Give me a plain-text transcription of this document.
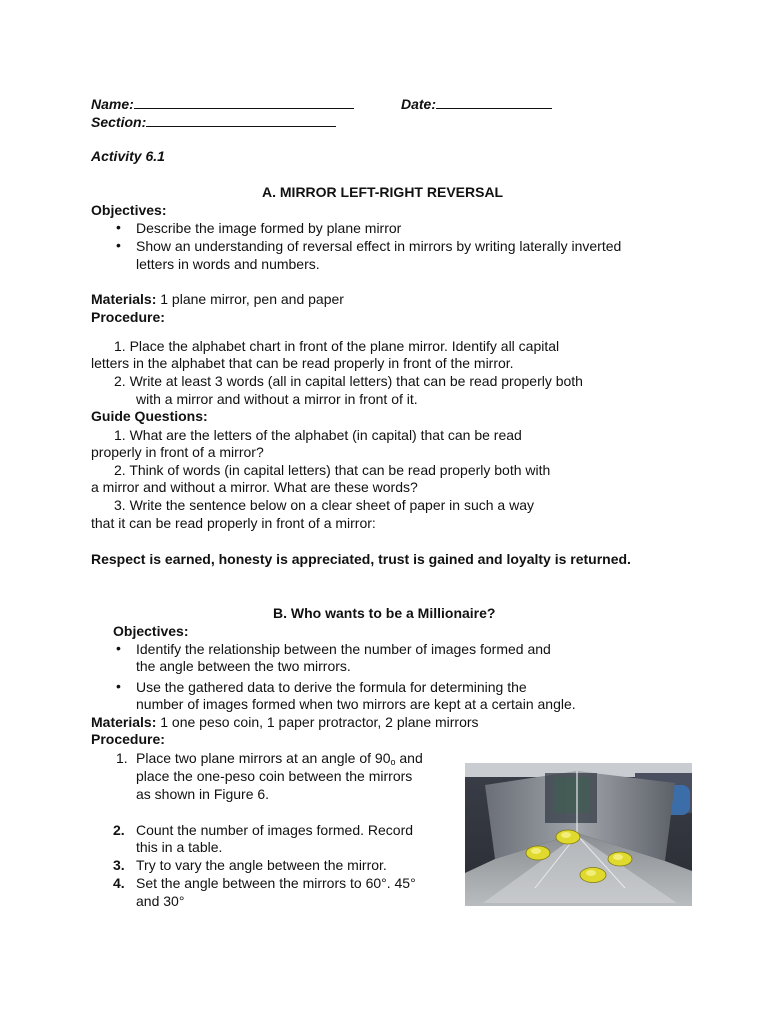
Name:	Date:
Section:
Activity 6.1
A. MIRROR LEFT-RIGHT REVERSAL
Objectives:
• Describe the image formed by plane mirror
• Show an understanding of reversal effect in mirrors by writing laterally inverted
letters in words and numbers.
Materials: 1 plane mirror, pen and paper
Procedure:
1. Place the alphabet chart in front of the plane mirror. Identify all capital
letters in the alphabet that can be read properly in front of the mirror.
2. Write at least 3 words (all in capital letters) that can be read properly both
with a mirror and without a mirror in front of it.
Guide Questions:
1. What are the letters of the alphabet (in capital) that can be read
properly in front of a mirror?
2. Think of words (in capital letters) that can be read properly both with
a mirror and without a mirror. What are these words?
3. Write the sentence below on a clear sheet of paper in such a way
that it can be read properly in front of a mirror:
Respect is earned, honesty is appreciated, trust is gained and loyalty is returned.
B. Who wants to be a Millionaire?
Objectives:
• Identify the relationship between the number of images formed and
the angle between the two mirrors.
• Use the gathered data to derive the formula for determining the
number of images formed when two mirrors are kept at a certain angle.
Materials: 1 one peso coin, 1 paper protractor, 2 plane mirrors
Procedure:
1. Place two plane mirrors at an angle of $90_o$ and
place the one-peso coin between the mirrors
as shown in Figure 6.
2. Count the number of images formed. Record
this in a table.
3. Try to vary the angle between the mirror.
4. Set the angle between the mirrors to 60°. 45°
and 30°
